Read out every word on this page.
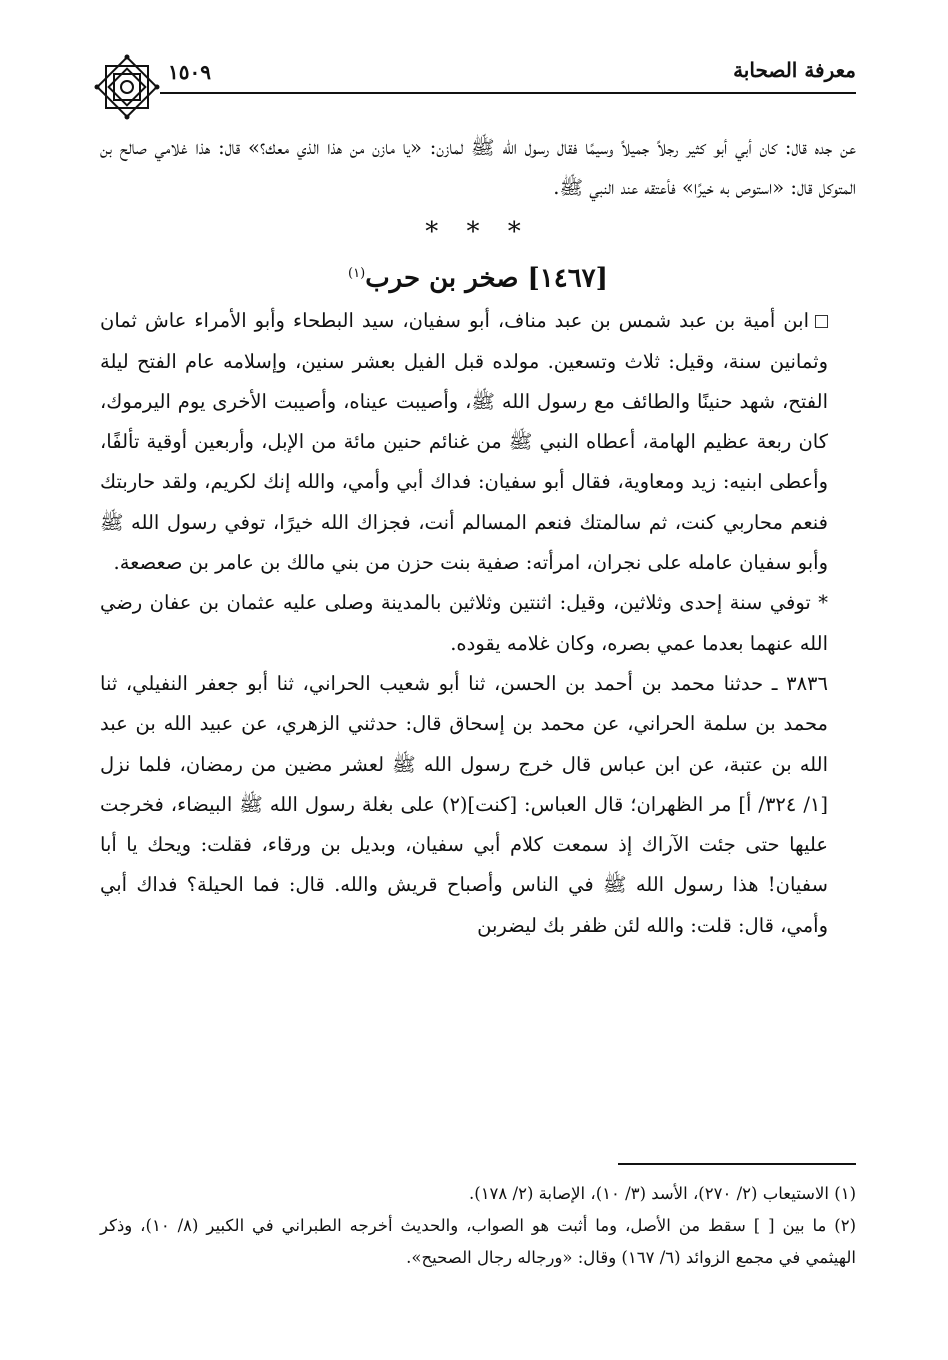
١٥٠٩	معرفة الصحابة

عن جده قال: كان أبي أبو كثير رجلاً جميلاً وسيمًا فقال رسول الله ﷺ لمازن: «يا مازن من هذا الذي معك؟» قال: هذا غلامي صالح بن المتوكل قال: «استوص به خيرًا» فأعتقه عند النبي ﷺ.

* * *
[١٤٦٧] صخر بن حرب$^{(١)}$

ابن أمية بن عبد شمس بن عبد مناف، أبو سفيان، سيد البطحاء وأبو الأمراء عاش ثمان وثمانين سنة، وقيل: ثلاث وتسعين. مولده قبل الفيل بعشر سنين، وإسلامه عام الفتح ليلة الفتح، شهد حنينًا والطائف مع رسول الله ﷺ، وأصيبت عيناه، وأصيبت الأخرى يوم اليرموك، كان ربعة عظيم الهامة، أعطاه النبي ﷺ من غنائم حنين مائة من الإبل، وأربعين أوقية تألفًا، وأعطى ابنيه: زيد ومعاوية، فقال أبو سفيان: فداك أبي وأمي، والله إنك لكريم، ولقد حاربتك فنعم محاربي كنت، ثم سالمتك فنعم المسالم أنت، فجزاك الله خيرًا، توفي رسول الله ﷺ وأبو سفيان عامله على نجران، امرأته: صفية بنت حزن من بني مالك بن عامر بن صعصعة.

* توفي سنة إحدى وثلاثين، وقيل: اثنتين وثلاثين بالمدينة وصلى عليه عثمان بن عفان رضي الله عنهما بعدما عمي بصره، وكان غلامه يقوده.

٣٨٣٦ ـ حدثنا محمد بن أحمد بن الحسن، ثنا أبو شعيب الحراني، ثنا أبو جعفر النفيلي، ثنا محمد بن سلمة الحراني، عن محمد بن إسحاق قال: حدثني الزهري، عن عبيد الله بن عبد الله بن عتبة، عن ابن عباس قال خرج رسول الله ﷺ لعشر مضين من رمضان، فلما نزل [١/ ٣٢٤/ أ] مر الظهران؛ قال العباس: [كنت](٢) على بغلة رسول الله ﷺ البيضاء، فخرجت عليها حتى جئت الآراك إذ سمعت كلام أبي سفيان، وبديل بن ورقاء، فقلت: ويحك يا أبا سفيان! هذا رسول الله ﷺ في الناس وأصباح قريش والله. قال: فما الحيلة؟ فداك أبي وأمي، قال: قلت: والله لئن ظفر بك ليضربن

(١) الاستيعاب (٢/ ٢٧٠)، الأسد (٣/ ١٠)، الإصابة (٢/ ١٧٨).

(٢) ما بين [ ] سقط من الأصل، وما أثبت هو الصواب، والحديث أخرجه الطبراني في الكبير (٨/ ١٠)، وذكر الهيثمي في مجمع الزوائد (٦/ ١٦٧) وقال: «ورجاله رجال الصحيح».
